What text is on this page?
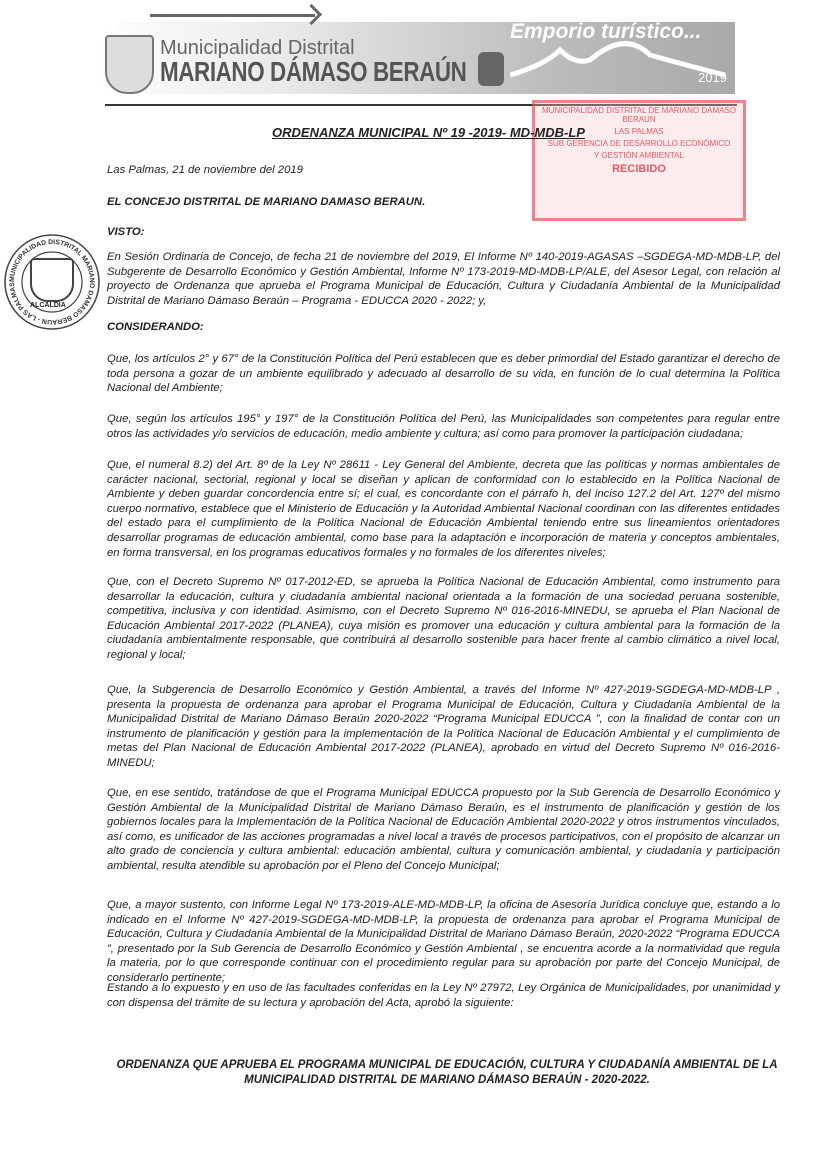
Municipalidad Distrital
MARIANO DÁMASO BERAÚN
Emporio turístico...
2019
MUNICIPALIDAD DISTRITAL DE MARIANO DAMASO BERAUN
LAS PALMAS
SUB GERENCIA DE DESARROLLO ECONÓMICO
Y GESTIÓN AMBIENTAL
RECIBIDO
MUNICIPALIDAD DISTRITAL MARIANO DAMASO BERAUN - LAS PALMAS
ALCALDIA
ORDENANZA MUNICIPAL Nº 19 -2019- MD-MDB-LP
Las Palmas, 21 de noviembre del 2019
EL CONCEJO DISTRITAL DE MARIANO DAMASO BERAUN.
VISTO:
En Sesión Ordinaria de Concejo, de fecha 21 de noviembre del 2019, El Informe Nº 140-2019-AGASAS –SGDEGA-MD-MDB-LP, del Subgerente de Desarrollo Económico y Gestión Ambiental, Informe Nº 173-2019-MD-MDB-LP/ALE, del Asesor Legal, con relación al proyecto de Ordenanza que aprueba el Programa Municipal de Educación, Cultura y Ciudadanía Ambiental de la Municipalidad Distrital de Mariano Dámaso Beraún – Programa - EDUCCA 2020 - 2022; y,
CONSIDERANDO:
Que, los artículos 2° y 67° de la Constitución Política del Perú establecen que es deber primordial del Estado garantizar el derecho de toda persona a gozar de un ambiente equilibrado y adecuado al desarrollo de su vida, en función de lo cual determina la Política Nacional del Ambiente;
Que, según los artículos 195° y 197° de la Constitución Política del Perú, las Municipalidades son competentes para regular entre otros las actividades y/o servicios de educación, medio ambiente y cultura; así como para promover la participación ciudadana;
Que, el numeral 8.2) del Art. 8º de la Ley Nº 28611 - Ley General del Ambiente, decreta que las políticas y normas ambientales de carácter nacional, sectorial, regional y local se diseñan y aplican de conformidad con lo establecido en la Política Nacional de Ambiente y deben guardar concordencia entre sí; el cual, es concordante con el párrafo h, del inciso 127.2 del Art. 127º del mismo cuerpo normativo, establece que el Ministerio de Educación y la Autoridad Ambiental Nacional coordinan con las diferentes entidades del estado para el cumplimiento de la Política Nacional de Educación Ambiental teniendo entre sus lineamientos orientadores desarrollar programas de educación ambiental, como base para la adaptación e incorporación de materia y conceptos ambientales, en forma transversal, en los programas educativos formales y no formales de los diferentes niveles;
Que, con el Decreto Supremo Nº 017-2012-ED, se aprueba la Política Nacional de Educación Ambiental, como instrumento para desarrollar la educación, cultura y ciudadanía ambiental nacional orientada a la formación de una sociedad peruana sostenible, competitiva, inclusiva y con identidad. Asimismo, con el Decreto Supremo Nº 016-2016-MINEDU, se aprueba el Plan Nacional de Educación Ambiental 2017-2022 (PLANEA), cuya misión es promover una educación y cultura ambiental para la formación de la ciudadanía ambientalmente responsable, que contribuirá al desarrollo sostenible para hacer frente al cambio climático a nivel local, regional y local;
Que, la Subgerencia de Desarrollo Económico y Gestión Ambiental, a través del Informe Nº 427-2019-SGDEGA-MD-MDB-LP , presenta la propuesta de ordenanza para aprobar el Programa Municipal de Educación, Cultura y Ciudadanía Ambiental de la Municipalidad Distrital de Mariano Dámaso Beraún 2020-2022 “Programa Municipal EDUCCA ”, con la finalidad de contar con un instrumento de planificación y gestión para la implementación de la Política Nacional de Educación Ambiental y el cumplimiento de metas del Plan Nacional de Educación Ambiental 2017-2022 (PLANEA), aprobado en virtud del Decreto Supremo Nº 016-2016-MINEDU;
Que, en ese sentido, tratándose de que el Programa Municipal EDUCCA propuesto por la Sub Gerencia de Desarrollo Económico y Gestión Ambiental de la Municipalidad Distrital de Mariano Dámaso Beraún, es el instrumento de planificación y gestión de los gobiernos locales para la Implementación de la Política Nacional de Educación Ambiental 2020-2022 y otros instrumentos vinculados, así como, es unificador de las acciones programadas a nivel local a través de procesos participativos, con el propósito de alcanzar un alto grado de conciencia y cultura ambiental: educación ambiental, cultura y comunicación ambiental, y ciudadanía y participación ambiental, resulta atendible su aprobación por el Pleno del Concejo Municipal;
Que, a mayor sustento, con Informe Legal Nº 173-2019-ALE-MD-MDB-LP, la oficina de Asesoría Jurídica concluye que, estando a lo indicado en el Informe Nº 427-2019-SGDEGA-MD-MDB-LP, la propuesta de ordenanza para aprobar el Programa Municipal de Educación, Cultura y Ciudadanía Ambiental de la Municipalidad Distrital de Mariano Dámaso Beraún, 2020-2022 “Programa EDUCCA ”, presentado por la Sub Gerencia de Desarrollo Económico y Gestión Ambiental , se encuentra acorde a la normatividad que regula la materia, por lo que corresponde continuar con el procedimiento regular para su aprobación por parte del Concejo Municipal, de considerarlo pertinente;
Estando a lo expuesto y en uso de las facultades conferidas en la Ley Nº 27972, Ley Orgánica de Municipalidades, por unanimidad y con dispensa del trámite de su lectura y aprobación del Acta, aprobó la siguiente:
ORDENANZA QUE APRUEBA EL PROGRAMA MUNICIPAL DE EDUCACIÓN, CULTURA Y CIUDADANÍA AMBIENTAL DE LA MUNICIPALIDAD DISTRITAL DE MARIANO DÁMASO BERAÚN - 2020-2022.
